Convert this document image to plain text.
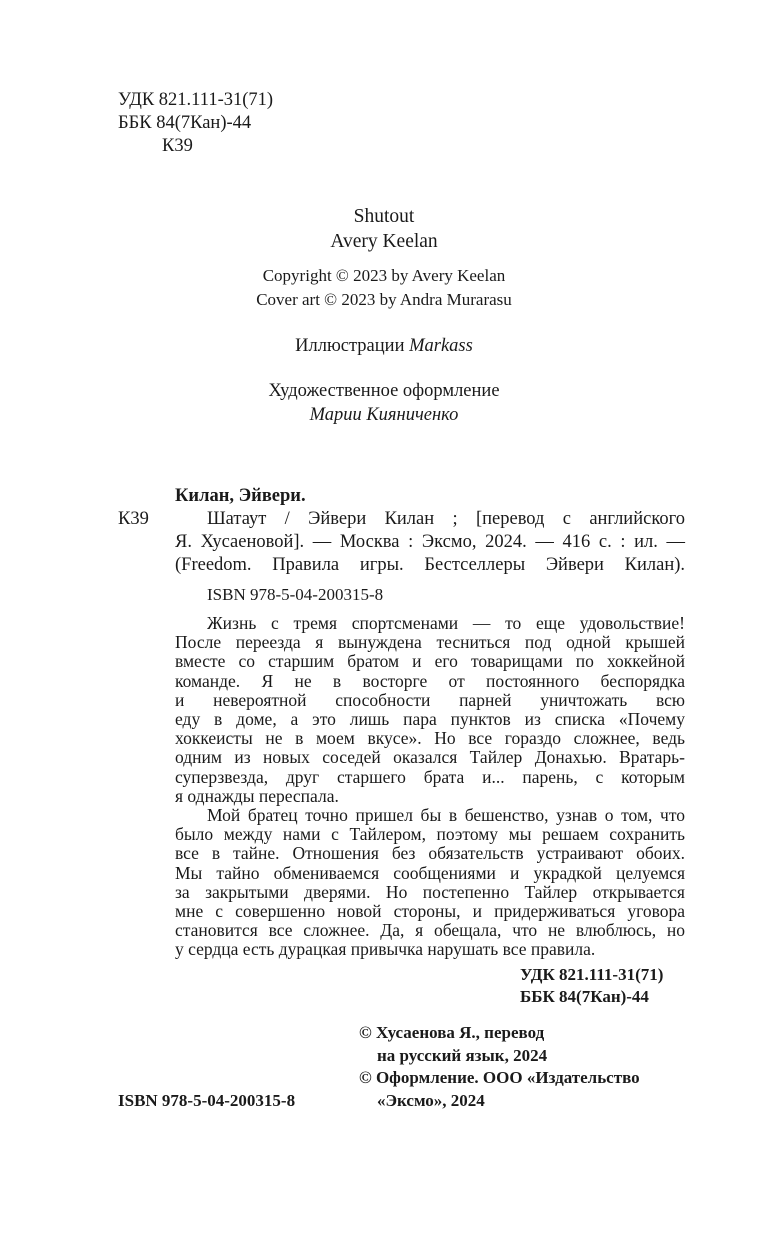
УДК 821.111-31(71)
ББК 84(7Кан)-44
К39
Shutout
Avery Keelan
Copyright © 2023 by Avery Keelan
Cover art © 2023 by Andra Murarasu
Иллюстрации Markass
Художественное оформление
Марии Кияниченко
Килан, Эйвери.
К39	Шатаут / Эйвери Килан ; [перевод с английского
Я. Хусаеновой]. — Москва : Эксмо, 2024. — 416 с. : ил. —
(Freedom. Правила игры. Бестселлеры Эйвери Килан).
ISBN 978-5-04-200315-8
Жизнь с тремя спортсменами — то еще удовольствие!
После переезда я вынуждена тесниться под одной крышей
вместе со старшим братом и его товарищами по хоккейной
команде. Я не в восторге от постоянного беспорядка
и невероятной способности парней уничтожать всю
еду в доме, а это лишь пара пунктов из списка «Почему
хоккеисты не в моем вкусе». Но все гораздо сложнее, ведь
одним из новых соседей оказался Тайлер Донахью. Вратарь-
суперзвезда, друг старшего брата и... парень, с которым
я однажды переспала.
Мой братец точно пришел бы в бешенство, узнав о том, что
было между нами с Тайлером, поэтому мы решаем сохранить
все в тайне. Отношения без обязательств устраивают обоих.
Мы тайно обмениваемся сообщениями и украдкой целуемся
за закрытыми дверями. Но постепенно Тайлер открывается
мне с совершенно новой стороны, и придерживаться уговора
становится все сложнее. Да, я обещала, что не влюблюсь, но
у сердца есть дурацкая привычка нарушать все правила.
УДК 821.111-31(71)
ББК 84(7Кан)-44
© Хусаенова Я., перевод
на русский язык, 2024
© Оформление. ООО «Издательство
«Эксмо», 2024
ISBN 978-5-04-200315-8
